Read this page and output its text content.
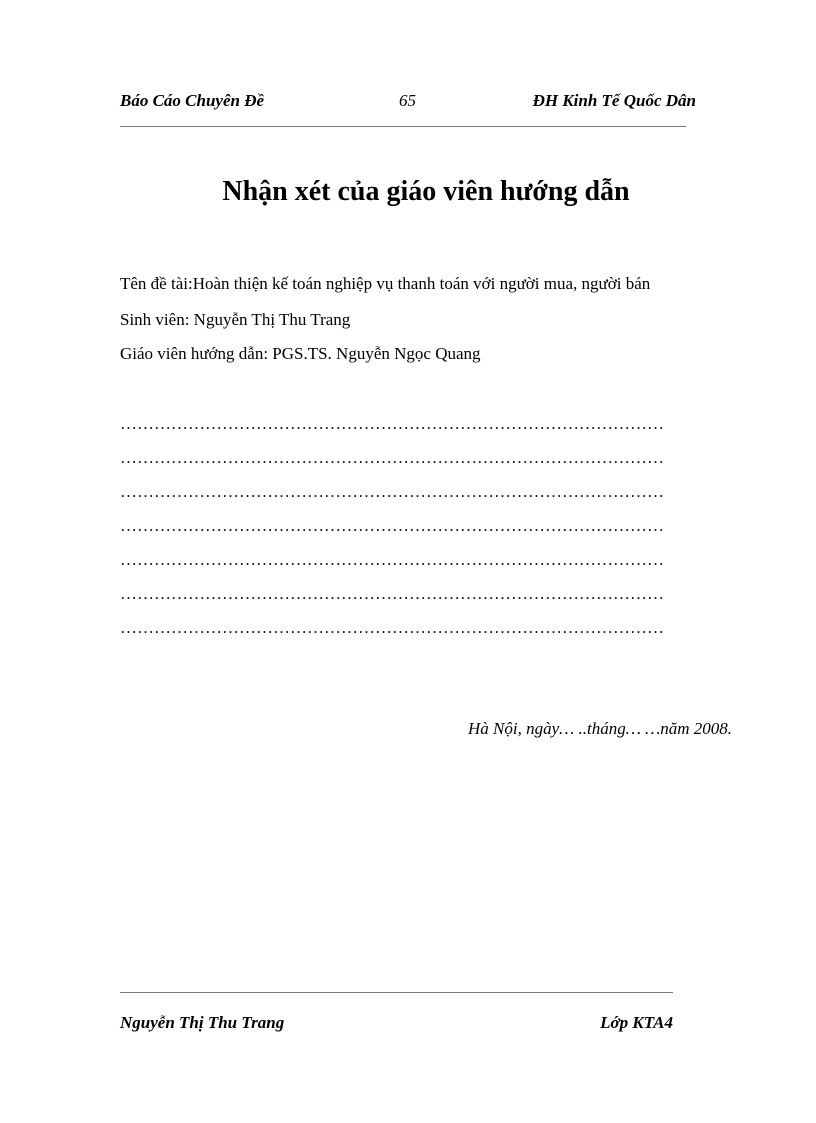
Báo Cáo Chuyên Đề	65	ĐH Kinh Tế Quốc Dân
Nhận xét của giáo viên hướng dẫn
Tên đề tài:Hoàn thiện kế toán nghiệp vụ thanh toán với người mua, người bán
Sinh viên: Nguyễn Thị Thu Trang
Giáo viên hướng dẫn: PGS.TS. Nguyễn Ngọc Quang
……………………………………………………………………………………
……………………………………………………………………………………
……………………………………………………………………………………
……………………………………………………………………………………
……………………………………………………………………………………
……………………………………………………………………………………
……………………………………………………………………………………
Hà Nội, ngày… ..tháng… …năm 2008.
Nguyễn Thị Thu Trang	Lớp KTA4
